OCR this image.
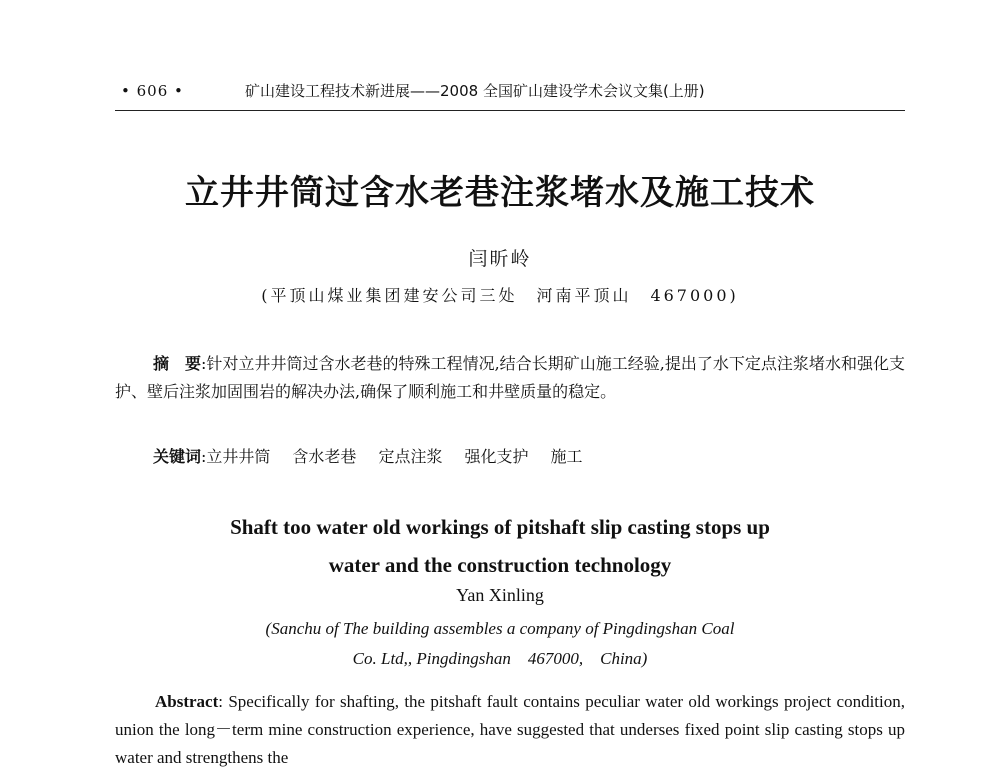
• 606 •	矿山建设工程技术新进展——2008 全国矿山建设学术会议文集(上册)
立井井筒过含水老巷注浆堵水及施工技术
闫昕岭
(平顶山煤业集团建安公司三处　河南平顶山　467000)
摘　要:针对立井井筒过含水老巷的特殊工程情况,结合长期矿山施工经验,提出了水下定点注浆堵水和强化支护、壁后注浆加固围岩的解决办法,确保了顺利施工和井壁质量的稳定。
关键词:立井井筒 含水老巷 定点注浆 强化支护 施工
Shaft too water old workings of pitshaft slip casting stops up
water and the construction technology
Yan Xinling
(Sanchu of The building assembles a company of Pingdingshan Coal
Co. Ltd,, Pingdingshan　467000,　China)
Abstract: Specifically for shafting, the pitshaft fault contains peculiar water old workings project condition, union the long－term mine construction experience, have suggested that underses fixed point slip casting stops up water and strengthens the
